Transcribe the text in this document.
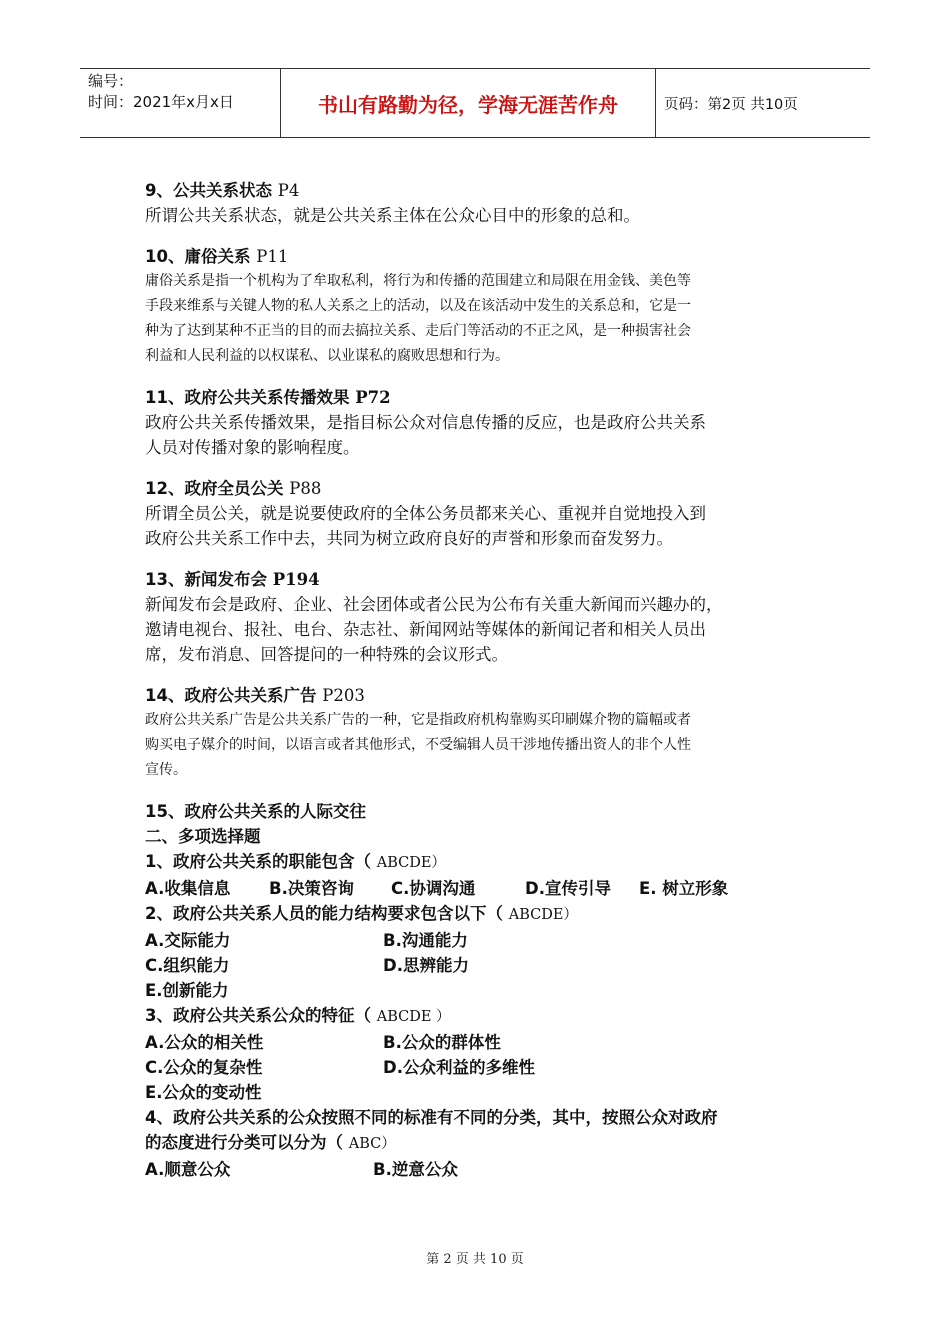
编号：
时间：2021年x月x日	书山有路勤为径，学海无涯苦作舟	页码：第2页 共10页
9、公共关系状态 P4
所谓公共关系状态，就是公共关系主体在公众心目中的形象的总和。
10、庸俗关系 P11
庸俗关系是指一个机构为了牟取私利，将行为和传播的范围建立和局限在用金钱、美色等
手段来维系与关键人物的私人关系之上的活动，以及在该活动中发生的关系总和，它是一
种为了达到某种不正当的目的而去搞拉关系、走后门等活动的不正之风，是一种损害社会
利益和人民利益的以权谋私、以业谋私的腐败思想和行为。
11、政府公共关系传播效果 P72
政府公共关系传播效果，是指目标公众对信息传播的反应，也是政府公共关系
人员对传播对象的影响程度。
12、政府全员公关 P88
所谓全员公关，就是说要使政府的全体公务员都来关心、重视并自觉地投入到
政府公共关系工作中去，共同为树立政府良好的声誉和形象而奋发努力。
13、新闻发布会 P194
新闻发布会是政府、企业、社会团体或者公民为公布有关重大新闻而兴趣办的，
邀请电视台、报社、电台、杂志社、新闻网站等媒体的新闻记者和相关人员出
席，发布消息、回答提问的一种特殊的会议形式。
14、政府公共关系广告 P203
政府公共关系广告是公共关系广告的一种，它是指政府机构靠购买印刷媒介物的篇幅或者
购买电子媒介的时间，以语言或者其他形式，不受编辑人员干涉地传播出资人的非个人性
宣传。
15、政府公共关系的人际交往
二、多项选择题
1、政府公共关系的职能包含（ ABCDE）
A.收集信息	B.决策咨询	C.协调沟通	D.宣传引导	E. 树立形象
2、政府公共关系人员的能力结构要求包含以下（ ABCDE）
A.交际能力	B.沟通能力
C.组织能力	D.思辨能力
E.创新能力
3、政府公共关系公众的特征（ ABCDE ）
A.公众的相关性	B.公众的群体性
C.公众的复杂性	D.公众利益的多维性
E.公众的变动性
4、政府公共关系的公众按照不同的标准有不同的分类，其中，按照公众对政府
的态度进行分类可以分为（ ABC）
A.顺意公众	B.逆意公众
第 2 页 共 10 页
